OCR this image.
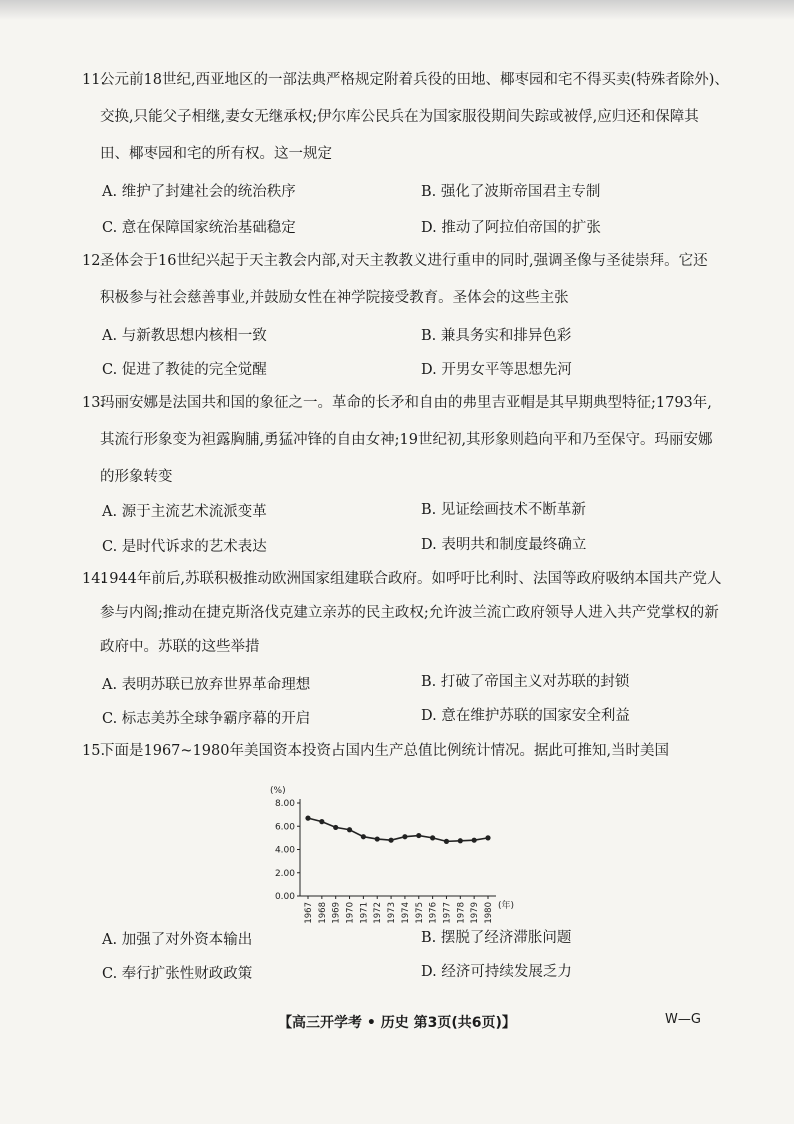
11.
公元前18世纪,西亚地区的一部法典严格规定附着兵役的田地、椰枣园和宅不得买卖(特殊者除外)、
交换,只能父子相继,妻女无继承权;伊尔库公民兵在为国家服役期间失踪或被俘,应归还和保障其
田、椰枣园和宅的所有权。这一规定
A. 维护了封建社会的统治秩序	B. 强化了波斯帝国君主专制
C. 意在保障国家统治基础稳定	D. 推动了阿拉伯帝国的扩张
12.
圣体会于16世纪兴起于天主教会内部,对天主教教义进行重申的同时,强调圣像与圣徒崇拜。它还
积极参与社会慈善事业,并鼓励女性在神学院接受教育。圣体会的这些主张
A. 与新教思想内核相一致	B. 兼具务实和排异色彩
C. 促进了教徒的完全觉醒	D. 开男女平等思想先河
13.
玛丽安娜是法国共和国的象征之一。革命的长矛和自由的弗里吉亚帽是其早期典型特征;1793年,
其流行形象变为袒露胸脯,勇猛冲锋的自由女神;19世纪初,其形象则趋向平和乃至保守。玛丽安娜
的形象转变
A. 源于主流艺术流派变革	B. 见证绘画技术不断革新
C. 是时代诉求的艺术表达	D. 表明共和制度最终确立
14.
1944年前后,苏联积极推动欧洲国家组建联合政府。如呼吁比利时、法国等政府吸纳本国共产党人
参与内阁;推动在捷克斯洛伐克建立亲苏的民主政权;允许波兰流亡政府领导人进入共产党掌权的新
政府中。苏联的这些举措
A. 表明苏联已放弃世界革命理想	B. 打破了帝国主义对苏联的封锁
C. 标志美苏全球争霸序幕的开启	D. 意在维护苏联的国家安全利益
15.
下面是1967~1980年美国资本投资占国内生产总值比例统计情况。据此可推知,当时美国
0.00
2.00
4.00
6.00
8.00
(%)
1967 1968 1969 1970 1971 1972 1973 1974 1975 1976 1977 1978 1979 1980 (年)
A. 加强了对外资本输出	B. 摆脱了经济滞胀问题
C. 奉行扩张性财政政策	D. 经济可持续发展乏力
【高三开学考 • 历史 第3页(共6页)】	W—G
